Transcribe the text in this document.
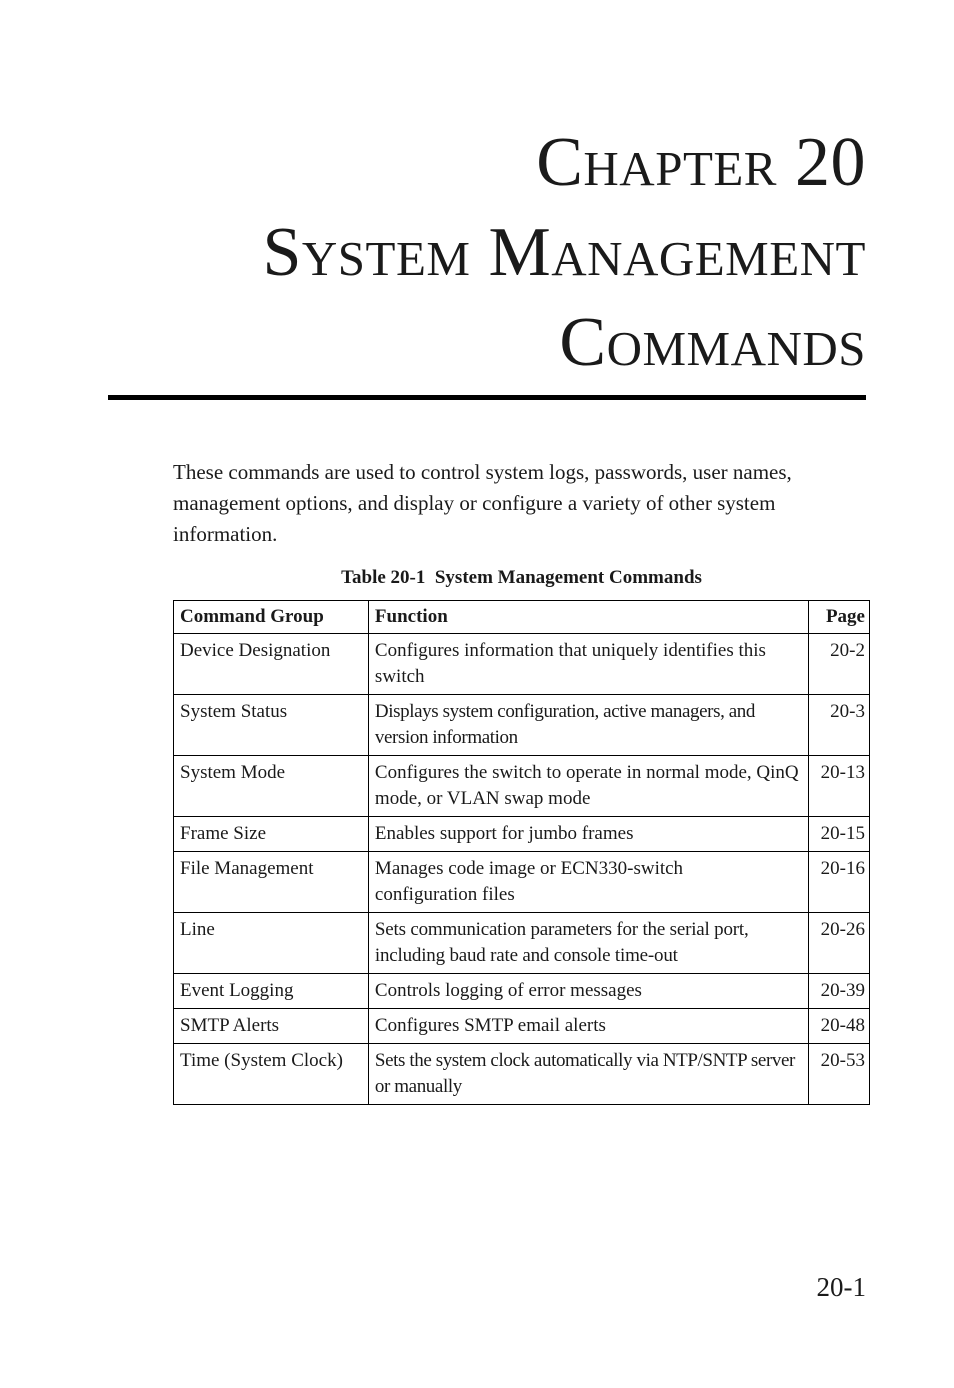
Chapter 20
System Management
Commands

These commands are used to control system logs, passwords, user names, management options, and display or configure a variety of other system information.

Table 20-1  System Management Commands
Command Group	Function	Page
Device Designation	Configures information that uniquely identifies this switch	20-2
System Status	Displays system configuration, active managers, and version information	20-3
System Mode	Configures the switch to operate in normal mode, QinQ mode, or VLAN swap mode	20-13
Frame Size	Enables support for jumbo frames	20-15
File Management	Manages code image or ECN330-switch configuration files	20-16
Line	Sets communication parameters for the serial port, including baud rate and console time-out	20-26
Event Logging	Controls logging of error messages	20-39
SMTP Alerts	Configures SMTP email alerts	20-48
Time (System Clock)	Sets the system clock automatically via NTP/SNTP server or manually	20-53
20-1
